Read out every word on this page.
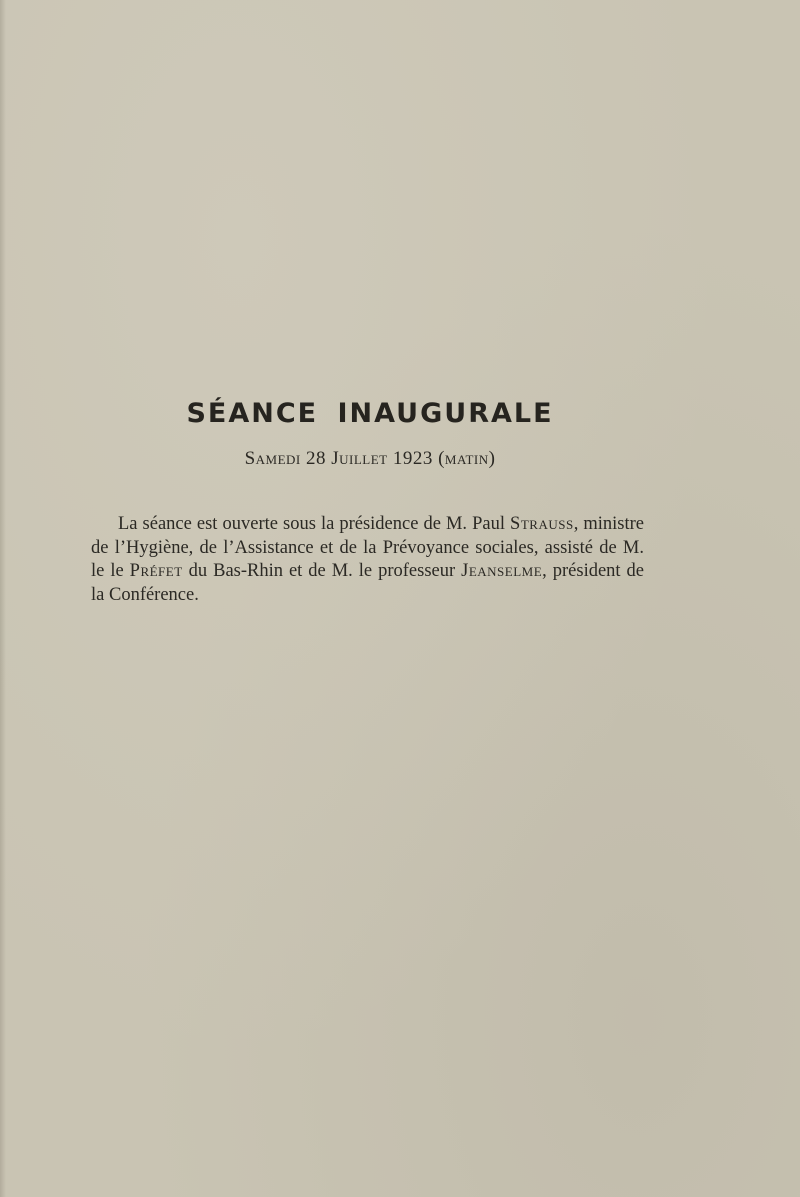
SÉANCE INAUGURALE
Samedi 28 Juillet 1923 (matin)

La séance est ouverte sous la présidence de M. Paul Strauss, ministre de l’Hygiène, de l’Assistance et de la Prévoyance sociales, assisté de M. le le Préfet du Bas-Rhin et de M. le professeur Jeanselme, président de la Conférence.
